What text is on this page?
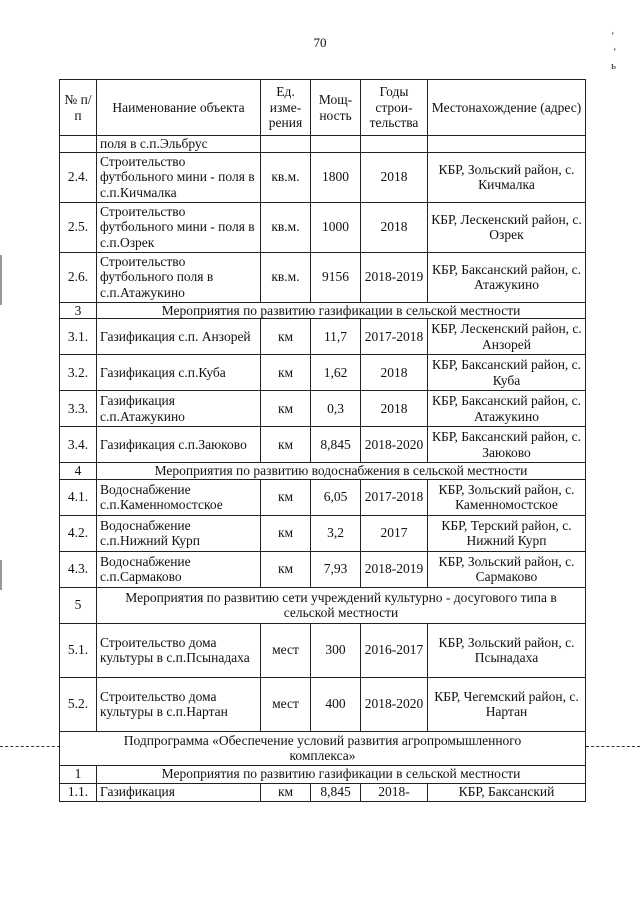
70	‘
‘
ь
№ п/п	Наименование объекта	Ед. изме-рения	Мощ-ность	Годы строи-тельства	Местонахождение (адрес)
	поля в с.п.Эльбрус				
2.4.	Строительство футбольного мини - поля в с.п.Кичмалка	кв.м.	1800	2018	КБР, Зольский район, с. Кичмалка
2.5.	Строительство футбольного мини - поля в с.п.Озрек	кв.м.	1000	2018	КБР, Лескенский район, с. Озрек
2.6.	Строительство футбольного поля в с.п.Атажукино	кв.м.	9156	2018-2019	КБР, Баксанский район, с. Атажукино
3	Мероприятия по развитию газификации в сельской местности				
3.1.	Газификация с.п. Анзорей	км	11,7	2017-2018	КБР, Лескенский район, с. Анзорей
3.2.	Газификация с.п.Куба	км	1,62	2018	КБР, Баксанский район, с. Куба
3.3.	Газификация с.п.Атажукино	км	0,3	2018	КБР, Баксанский район, с. Атажукино
3.4.	Газификация с.п.Заюково	км	8,845	2018-2020	КБР, Баксанский район, с. Заюково
4	Мероприятия по развитию водоснабжения в сельской местности				
4.1.	Водоснабжение с.п.Каменномостское	км	6,05	2017-2018	КБР, Зольский район, с. Каменномостское
4.2.	Водоснабжение с.п.Нижний Курп	км	3,2	2017	КБР, Терский район, с. Нижний Курп
4.3.	Водоснабжение с.п.Сармаково	км	7,93	2018-2019	КБР, Зольский район, с. Сармаково
5	Мероприятия по развитию сети учреждений культурно - досугового типа в сельской местности				
5.1.	Строительство дома культуры в с.п.Псынадаха	мест	300	2016-2017	КБР, Зольский район, с. Псынадаха
5.2.	Строительство дома культуры в с.п.Нартан	мест	400	2018-2020	КБР, Чегемский район, с. Нартан
Подпрограмма «Обеспечение условий развития агропромышленного комплекса»					
1	Мероприятия по развитию газификации в сельской местности				
1.1.	Газификация	км	8,845	2018-	КБР, Баксанский
